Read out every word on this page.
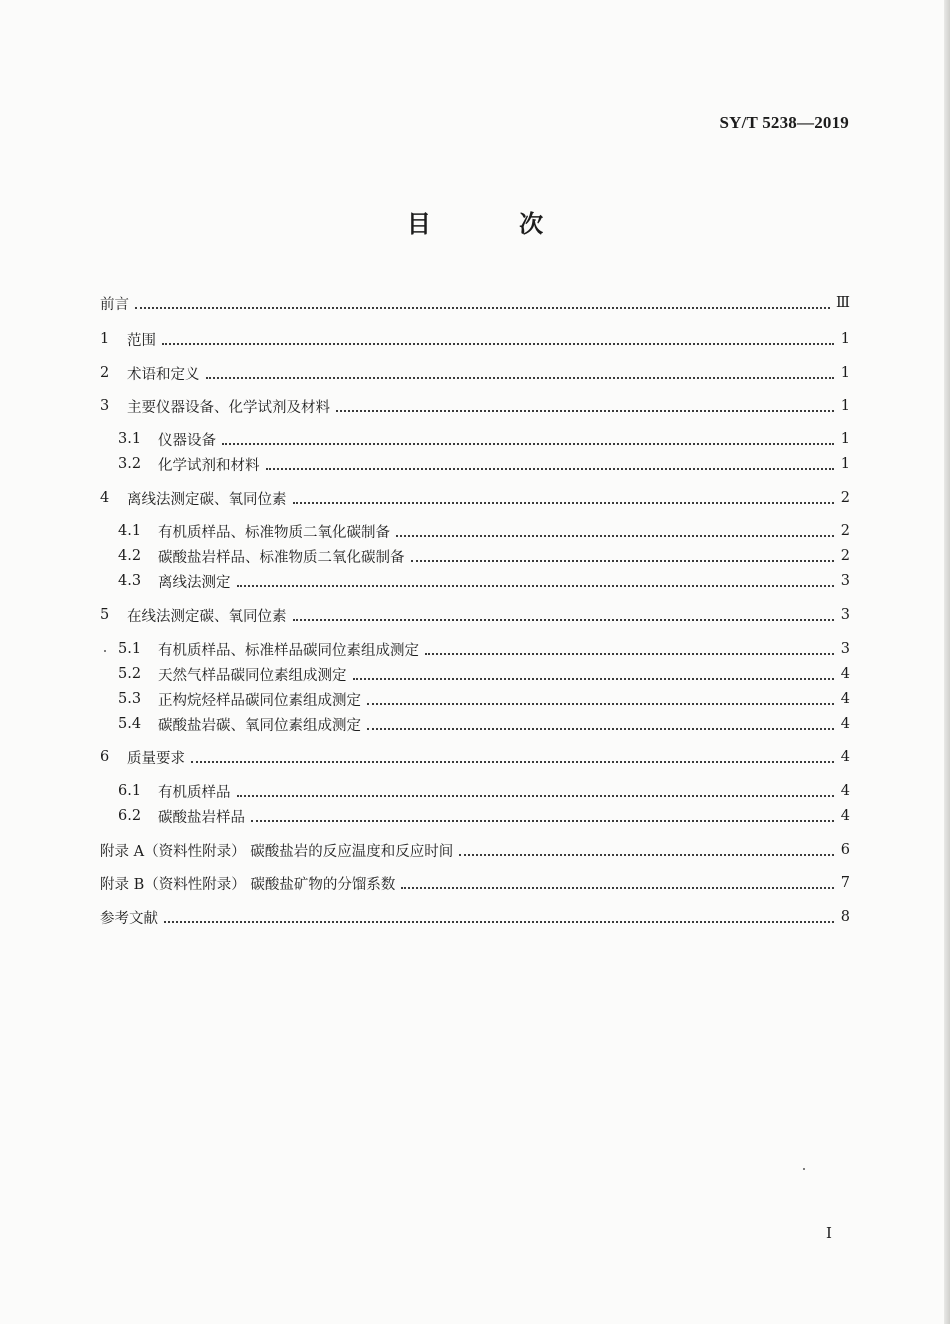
SY/T 5238—2019
目 次
前言	Ⅲ
1	范围	1
2	术语和定义	1
3	主要仪器设备、化学试剂及材料	1
3.1	仪器设备	1
3.2	化学试剂和材料	1
4	离线法测定碳、氧同位素	2
4.1	有机质样品、标准物质二氧化碳制备	2
4.2	碳酸盐岩样品、标准物质二氧化碳制备	2
4.3	离线法测定	3
5	在线法测定碳、氧同位素	3
5.1	有机质样品、标准样品碳同位素组成测定	3
5.2	天然气样品碳同位素组成测定	4
5.3	正构烷烃样品碳同位素组成测定	4
5.4	碳酸盐岩碳、氧同位素组成测定	4
6	质量要求	4
6.1	有机质样品	4
6.2	碳酸盐岩样品	4
附录 A（资料性附录） 碳酸盐岩的反应温度和反应时间	6
附录 B（资料性附录） 碳酸盐矿物的分馏系数	7
参考文献	8
I
